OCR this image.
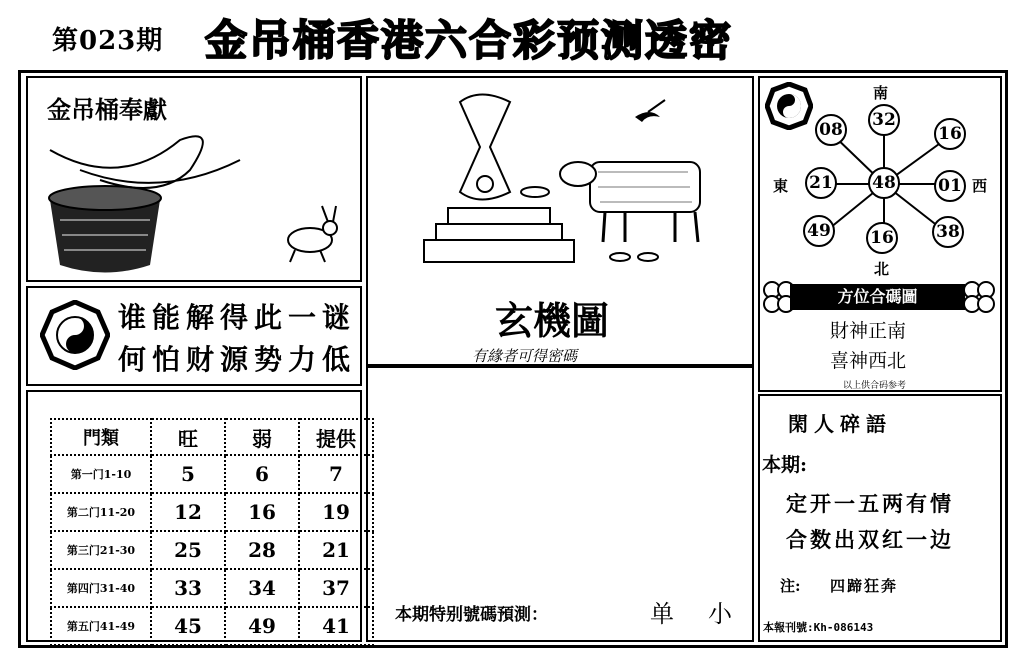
第023期 金吊桶香港六合彩预测透密
金吊桶奉獻
谁能解得此一谜
何怕财源势力低
門類	旺	弱	提供
第一门1-10	5	6	7
第二门11-20	12	16	19
第三门21-30	25	28	21
第四门31-40	33	34	37
第五门41-49	45	49	41
玄機圖
有緣者可得密碼
本期特别號碼預測：	单 小
南
北
東	西
32
08	16
21 48 01
49 16 38
方位合碼圖
財神正南
喜神西北
以上供合码参考
閑人碎語
本期:
定开一五两有情
合数出双红一边
注: 四蹄狂奔
本報刊號:Kh-086143
